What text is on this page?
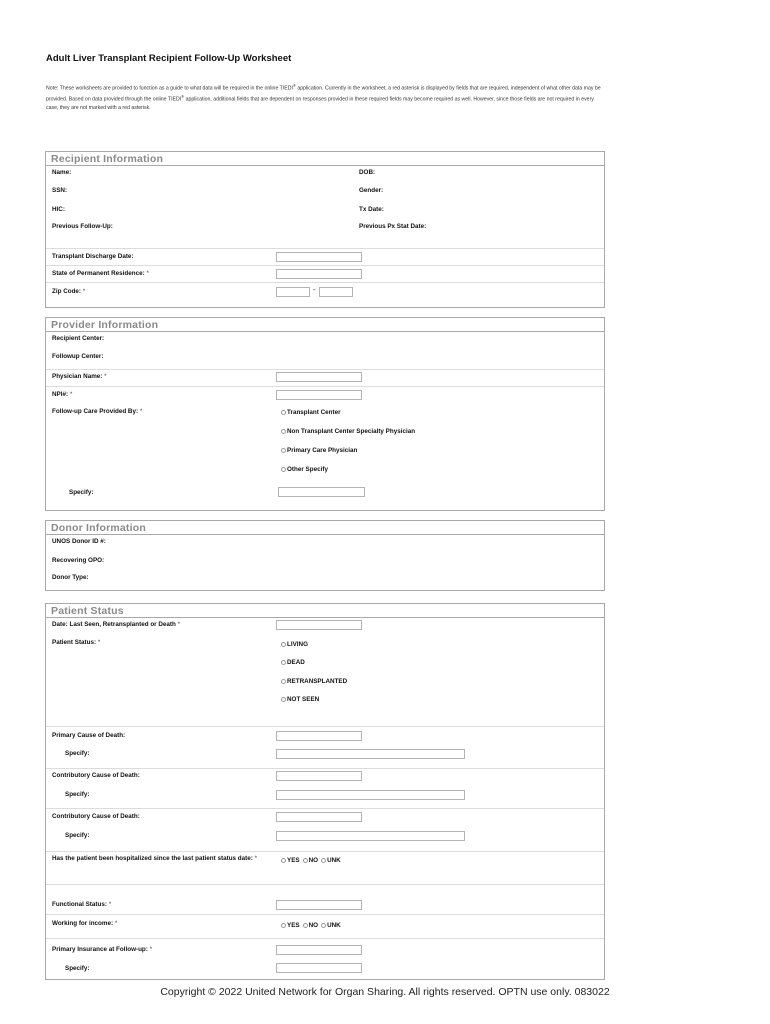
Adult Liver Transplant Recipient Follow-Up Worksheet
Note: These worksheets are provided to function as a guide to what data will be required in the online TIEDI® application. Currently in the worksheet, a red asterisk is displayed by fields that are required, independent of what other data may be provided. Based on data provided through the online TIEDI® application, additional fields that are dependent on responses provided in these required fields may become required as well. However, since those fields are not required in every case, they are not marked with a red asterisk.
Recipient Information
Name:	DOB:
SSN:	Gender:
HIC:	Tx Date:
Previous Follow-Up:	Previous Px Stat Date:
Transplant Discharge Date:
State of Permanent Residence: *
Zip Code: *	-
Provider Information
Recipient Center:
Followup Center:
Physician Name: *
NPI#: *
Follow-up Care Provided By: *	Transplant Center
Non Transplant Center Specialty Physician
Primary Care Physician
Other Specify
Specify:
Donor Information
UNOS Donor ID #:
Recovering OPO:
Donor Type:
Patient Status
Date: Last Seen, Retransplanted or Death *
Patient Status: *	LIVING
DEAD
RETRANSPLANTED
NOT SEEN
Primary Cause of Death:
Specify:
Contributory Cause of Death:
Specify:
Contributory Cause of Death:
Specify:
Has the patient been hospitalized since the last patient status date: *	YES NO UNK
Functional Status: *
Working for income: *	YES NO UNK
Primary Insurance at Follow-up: *
Specify:
Copyright © 2022 United Network for Organ Sharing. All rights reserved. OPTN use only. 083022
